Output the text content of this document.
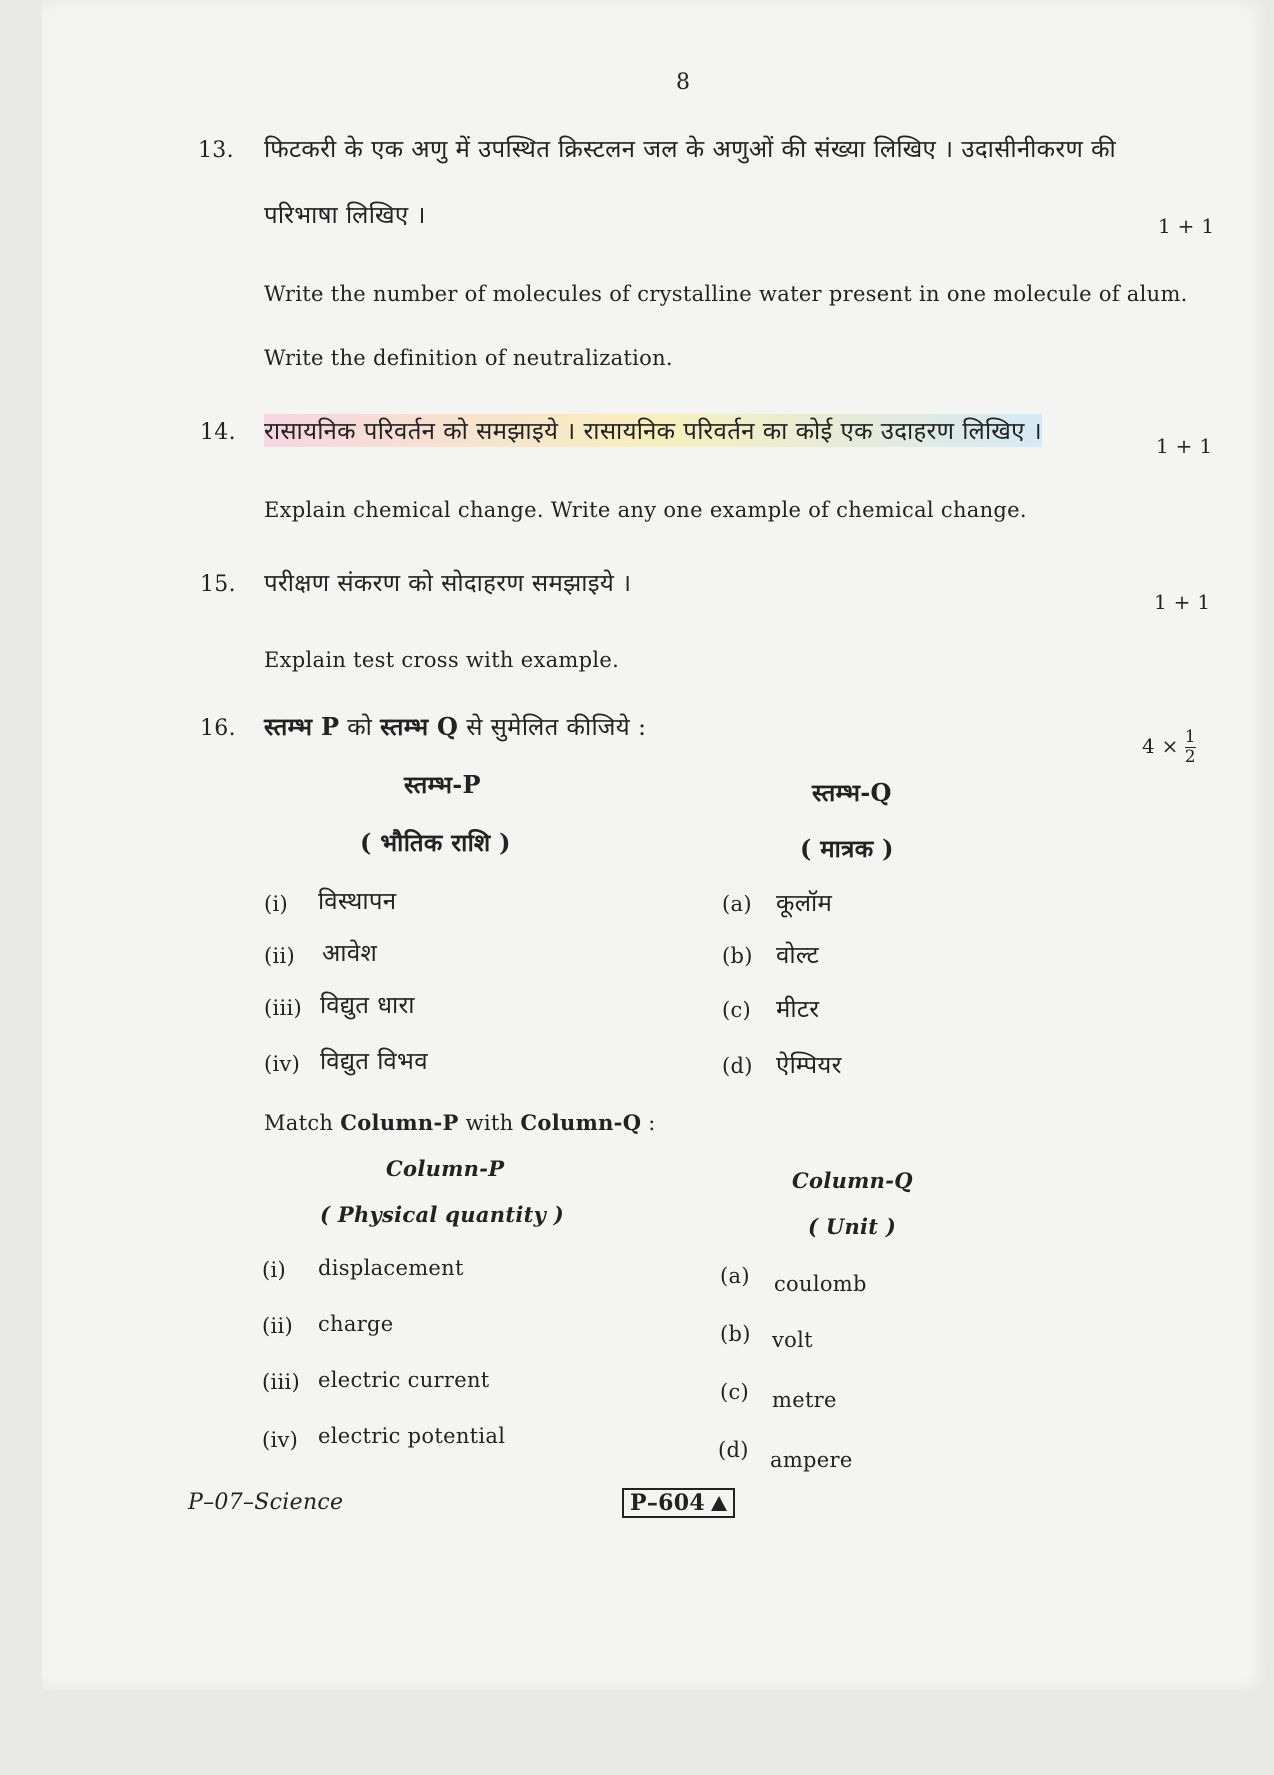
8
13. फिटकरी के एक अणु में उपस्थित क्रिस्टलन जल के अणुओं की संख्या लिखिए । उदासीनीकरण की
परिभाषा लिखिए ।	1 + 1
Write the number of molecules of crystalline water present in one molecule of alum.
Write the definition of neutralization.
14. रासायनिक परिवर्तन को समझाइये । रासायनिक परिवर्तन का कोई एक उदाहरण लिखिए ।
1 + 1
Explain chemical change. Write any one example of chemical change.
15. परीक्षण संकरण को सोदाहरण समझाइये ।
1 + 1
Explain test cross with example.
16. स्तम्भ P को स्तम्भ Q से सुमेलित कीजिये :
$4 \times \frac{1}{2}$
स्तम्भ-P
( भौतिक राशि )
स्तम्भ-Q
( मात्रक )
(i) विस्थापन
(ii) आवेश
(iii) विद्युत धारा
(iv) विद्युत विभव
(a) कूलॉम
(b) वोल्ट
(c) मीटर
(d) ऐम्पियर
Match Column-P with Column-Q :
Column-P
( Physical quantity )
Column-Q
( Unit )
(i) displacement
(ii) charge
(iii) electric current
(iv) electric potential
(a) coulomb
(b) volt
(c) metre
(d) ampere
P–07–Science	P–604
